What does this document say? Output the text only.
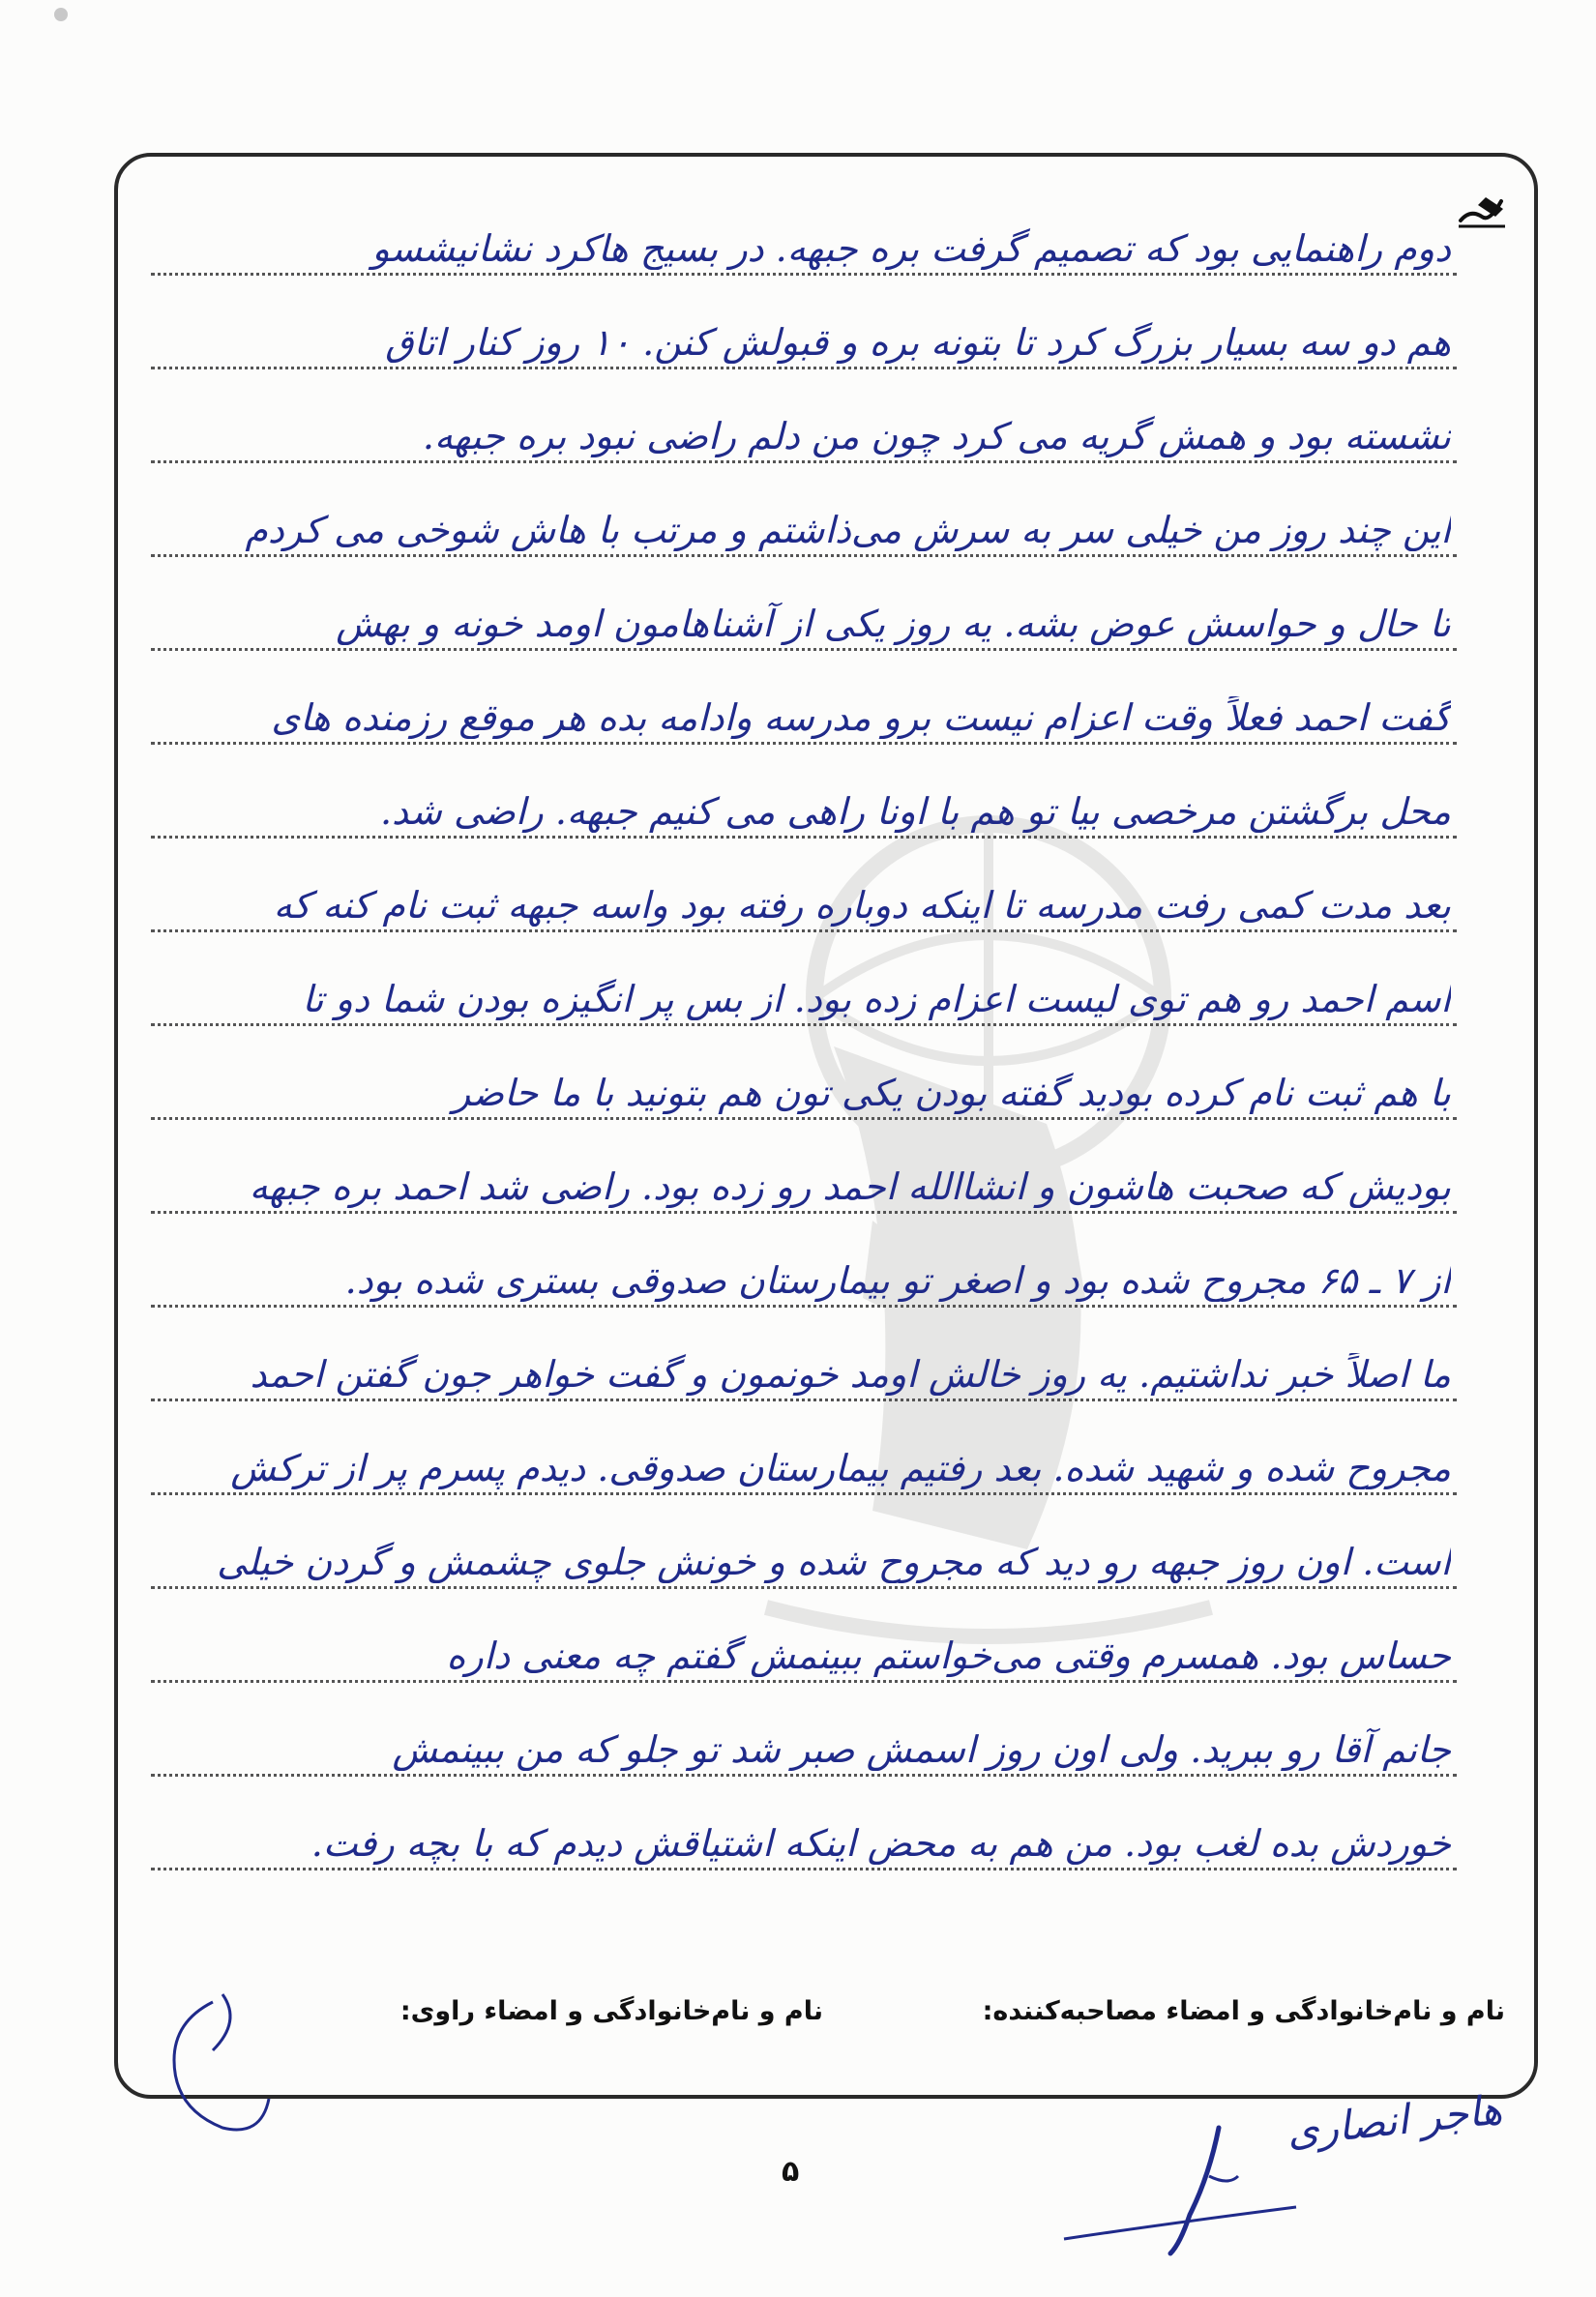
دوم راهنمایی بود که تصمیم گرفت بره جبهه. در بسیج هاکرد نشانیشسو
هم دو سه بسیار بزرگ کرد تا بتونه بره و قبولش کنن. ۱۰ روز کنار اتاق
نشسته بود و همش گریه می کرد چون من دلم راضی نبود بره جبهه.
این چند روز من خیلی سر به سرش می‌ذاشتم و مرتب با هاش شوخی می کردم
تا حال و حواسش عوض بشه. یه روز یکی از آشناهامون اومد خونه و بهش
گفت احمد فعلاً وقت اعزام نیست برو مدرسه وادامه بده هر موقع رزمنده های
محل برگشتن مرخصی بیا تو هم با اونا راهی می کنیم جبهه. راضی شد.
بعد مدت کمی رفت مدرسه تا اینکه دوباره رفته بود واسه جبهه ثبت نام کنه که
اسم احمد رو هم توی لیست اعزام زده بود. از بس پر انگیزه بودن شما دو تا
با هم ثبت نام کرده بودید گفته بودن یکی تون هم بتونید با ما حاضر
بودیش که صحبت هاشون و انشاالله احمد رو زده بود. راضی شد احمد بره جبهه
از ۷ ـ ۶۵ مجروح شده بود و اصغر تو بیمارستان صدوقی بستری شده بود.
ما اصلاً خبر نداشتیم. یه روز خالش اومد خونمون و گفت خواهر جون گفتن احمد
مجروح شده و شهید شده. بعد رفتیم بیمارستان صدوقی. دیدم پسرم پر از ترکش
است. اون روز جبهه رو دید که مجروح شده و خونش جلوی چشمش و گردن خیلی
حساس بود. همسرم وقتی می‌خواستم ببینمش گفتم چه معنی داره
جانم آقا رو ببرید. ولی اون روز اسمش صبر شد تو جلو که من ببینمش
خوردش بده لغب بود. من هم به محض اینکه اشتیاقش دیدم که با بچه رفت.
نام و نام‌خانوادگی و امضاء مصاحبه‌کننده:
نام و نام‌خانوادگی و امضاء راوی:
هاجر انصاری
۵
